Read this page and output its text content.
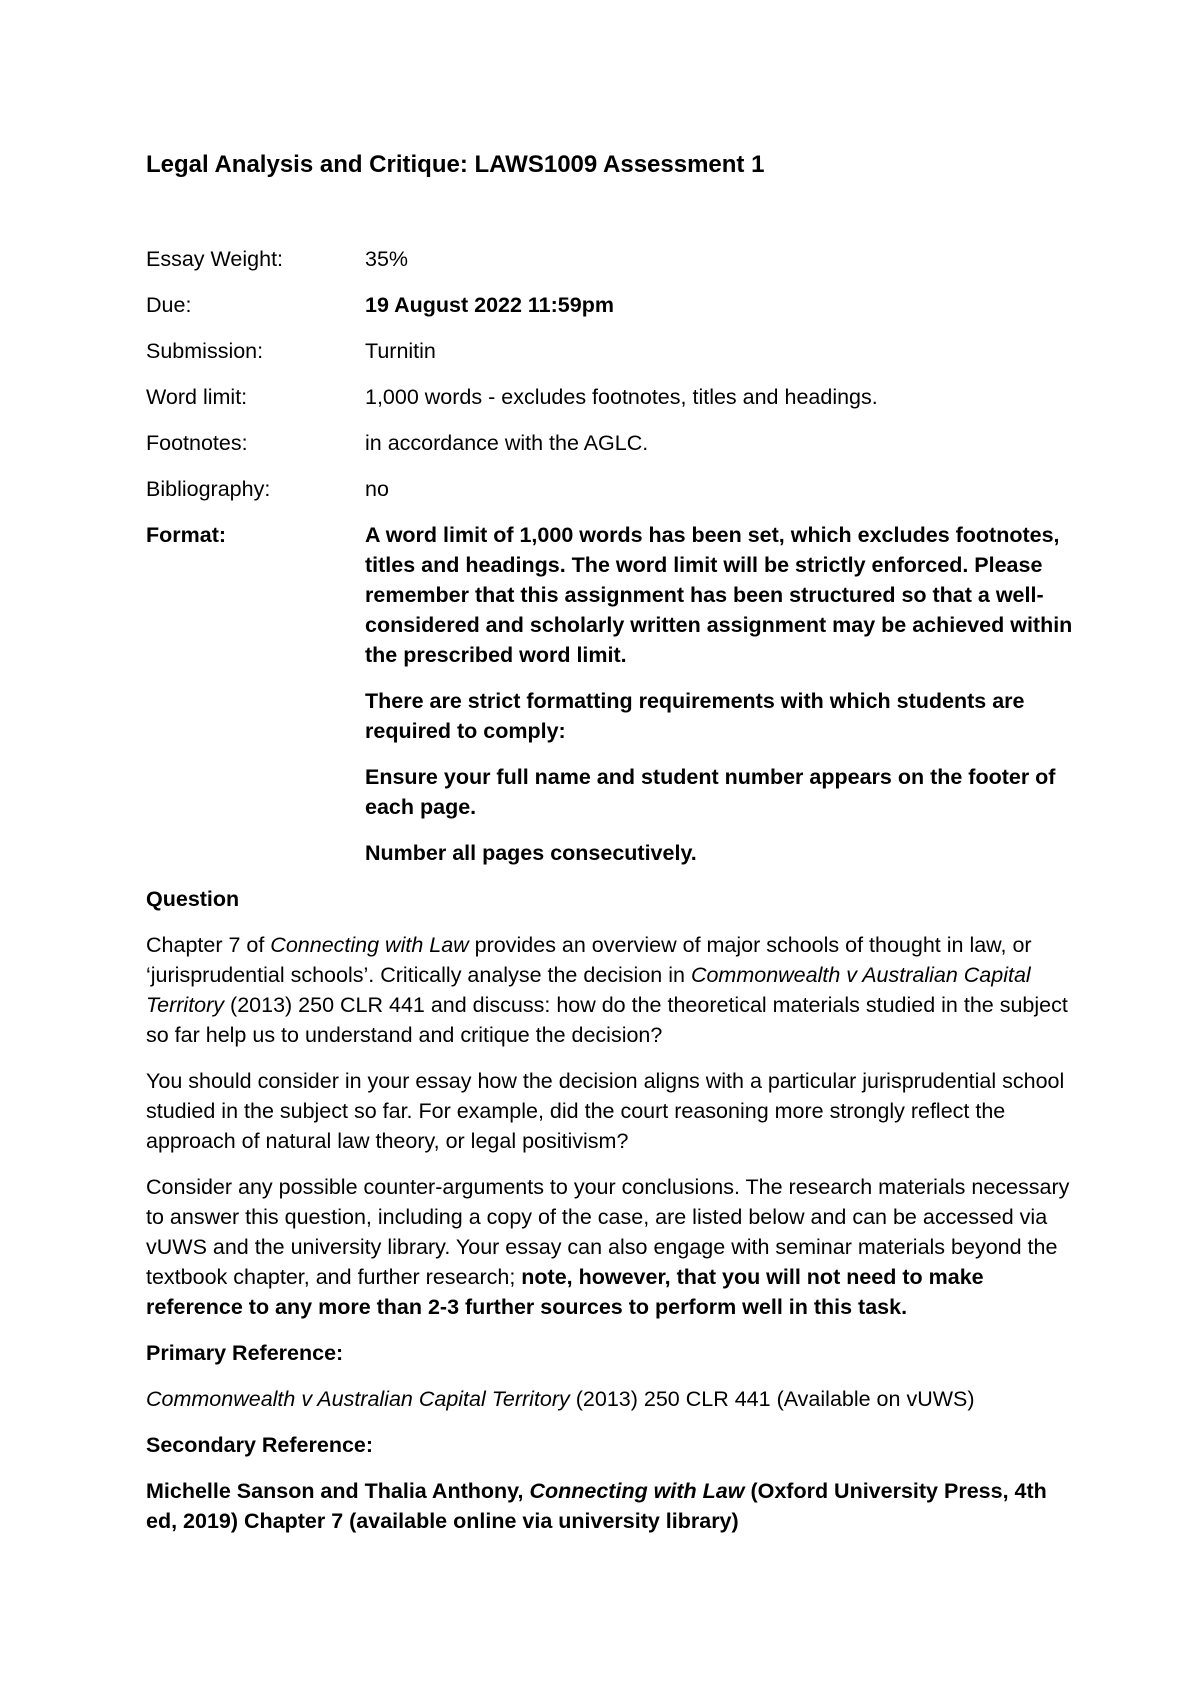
Legal Analysis and Critique: LAWS1009 Assessment 1
Essay Weight:	35%
Due:	19 August 2022 11:59pm
Submission:	Turnitin
Word limit:	1,000 words - excludes footnotes, titles and headings.
Footnotes:	in accordance with the AGLC.
Bibliography:	no
Format:	A word limit of 1,000 words has been set, which excludes footnotes, titles and headings. The word limit will be strictly enforced. Please remember that this assignment has been structured so that a well-considered and scholarly written assignment may be achieved within the prescribed word limit.

There are strict formatting requirements with which students are required to comply:

Ensure your full name and student number appears on the footer of each page.

Number all pages consecutively.

Question

Chapter 7 of Connecting with Law provides an overview of major schools of thought in law, or ‘jurisprudential schools’. Critically analyse the decision in Commonwealth v Australian Capital Territory (2013) 250 CLR 441 and discuss: how do the theoretical materials studied in the subject so far help us to understand and critique the decision?

You should consider in your essay how the decision aligns with a particular jurisprudential school studied in the subject so far. For example, did the court reasoning more strongly reflect the approach of natural law theory, or legal positivism?

Consider any possible counter-arguments to your conclusions. The research materials necessary to answer this question, including a copy of the case, are listed below and can be accessed via vUWS and the university library. Your essay can also engage with seminar materials beyond the textbook chapter, and further research; note, however, that you will not need to make reference to any more than 2-3 further sources to perform well in this task.

Primary Reference:

Commonwealth v Australian Capital Territory (2013) 250 CLR 441 (Available on vUWS)

Secondary Reference:

Michelle Sanson and Thalia Anthony, Connecting with Law (Oxford University Press, 4th ed, 2019) Chapter 7 (available online via university library)
